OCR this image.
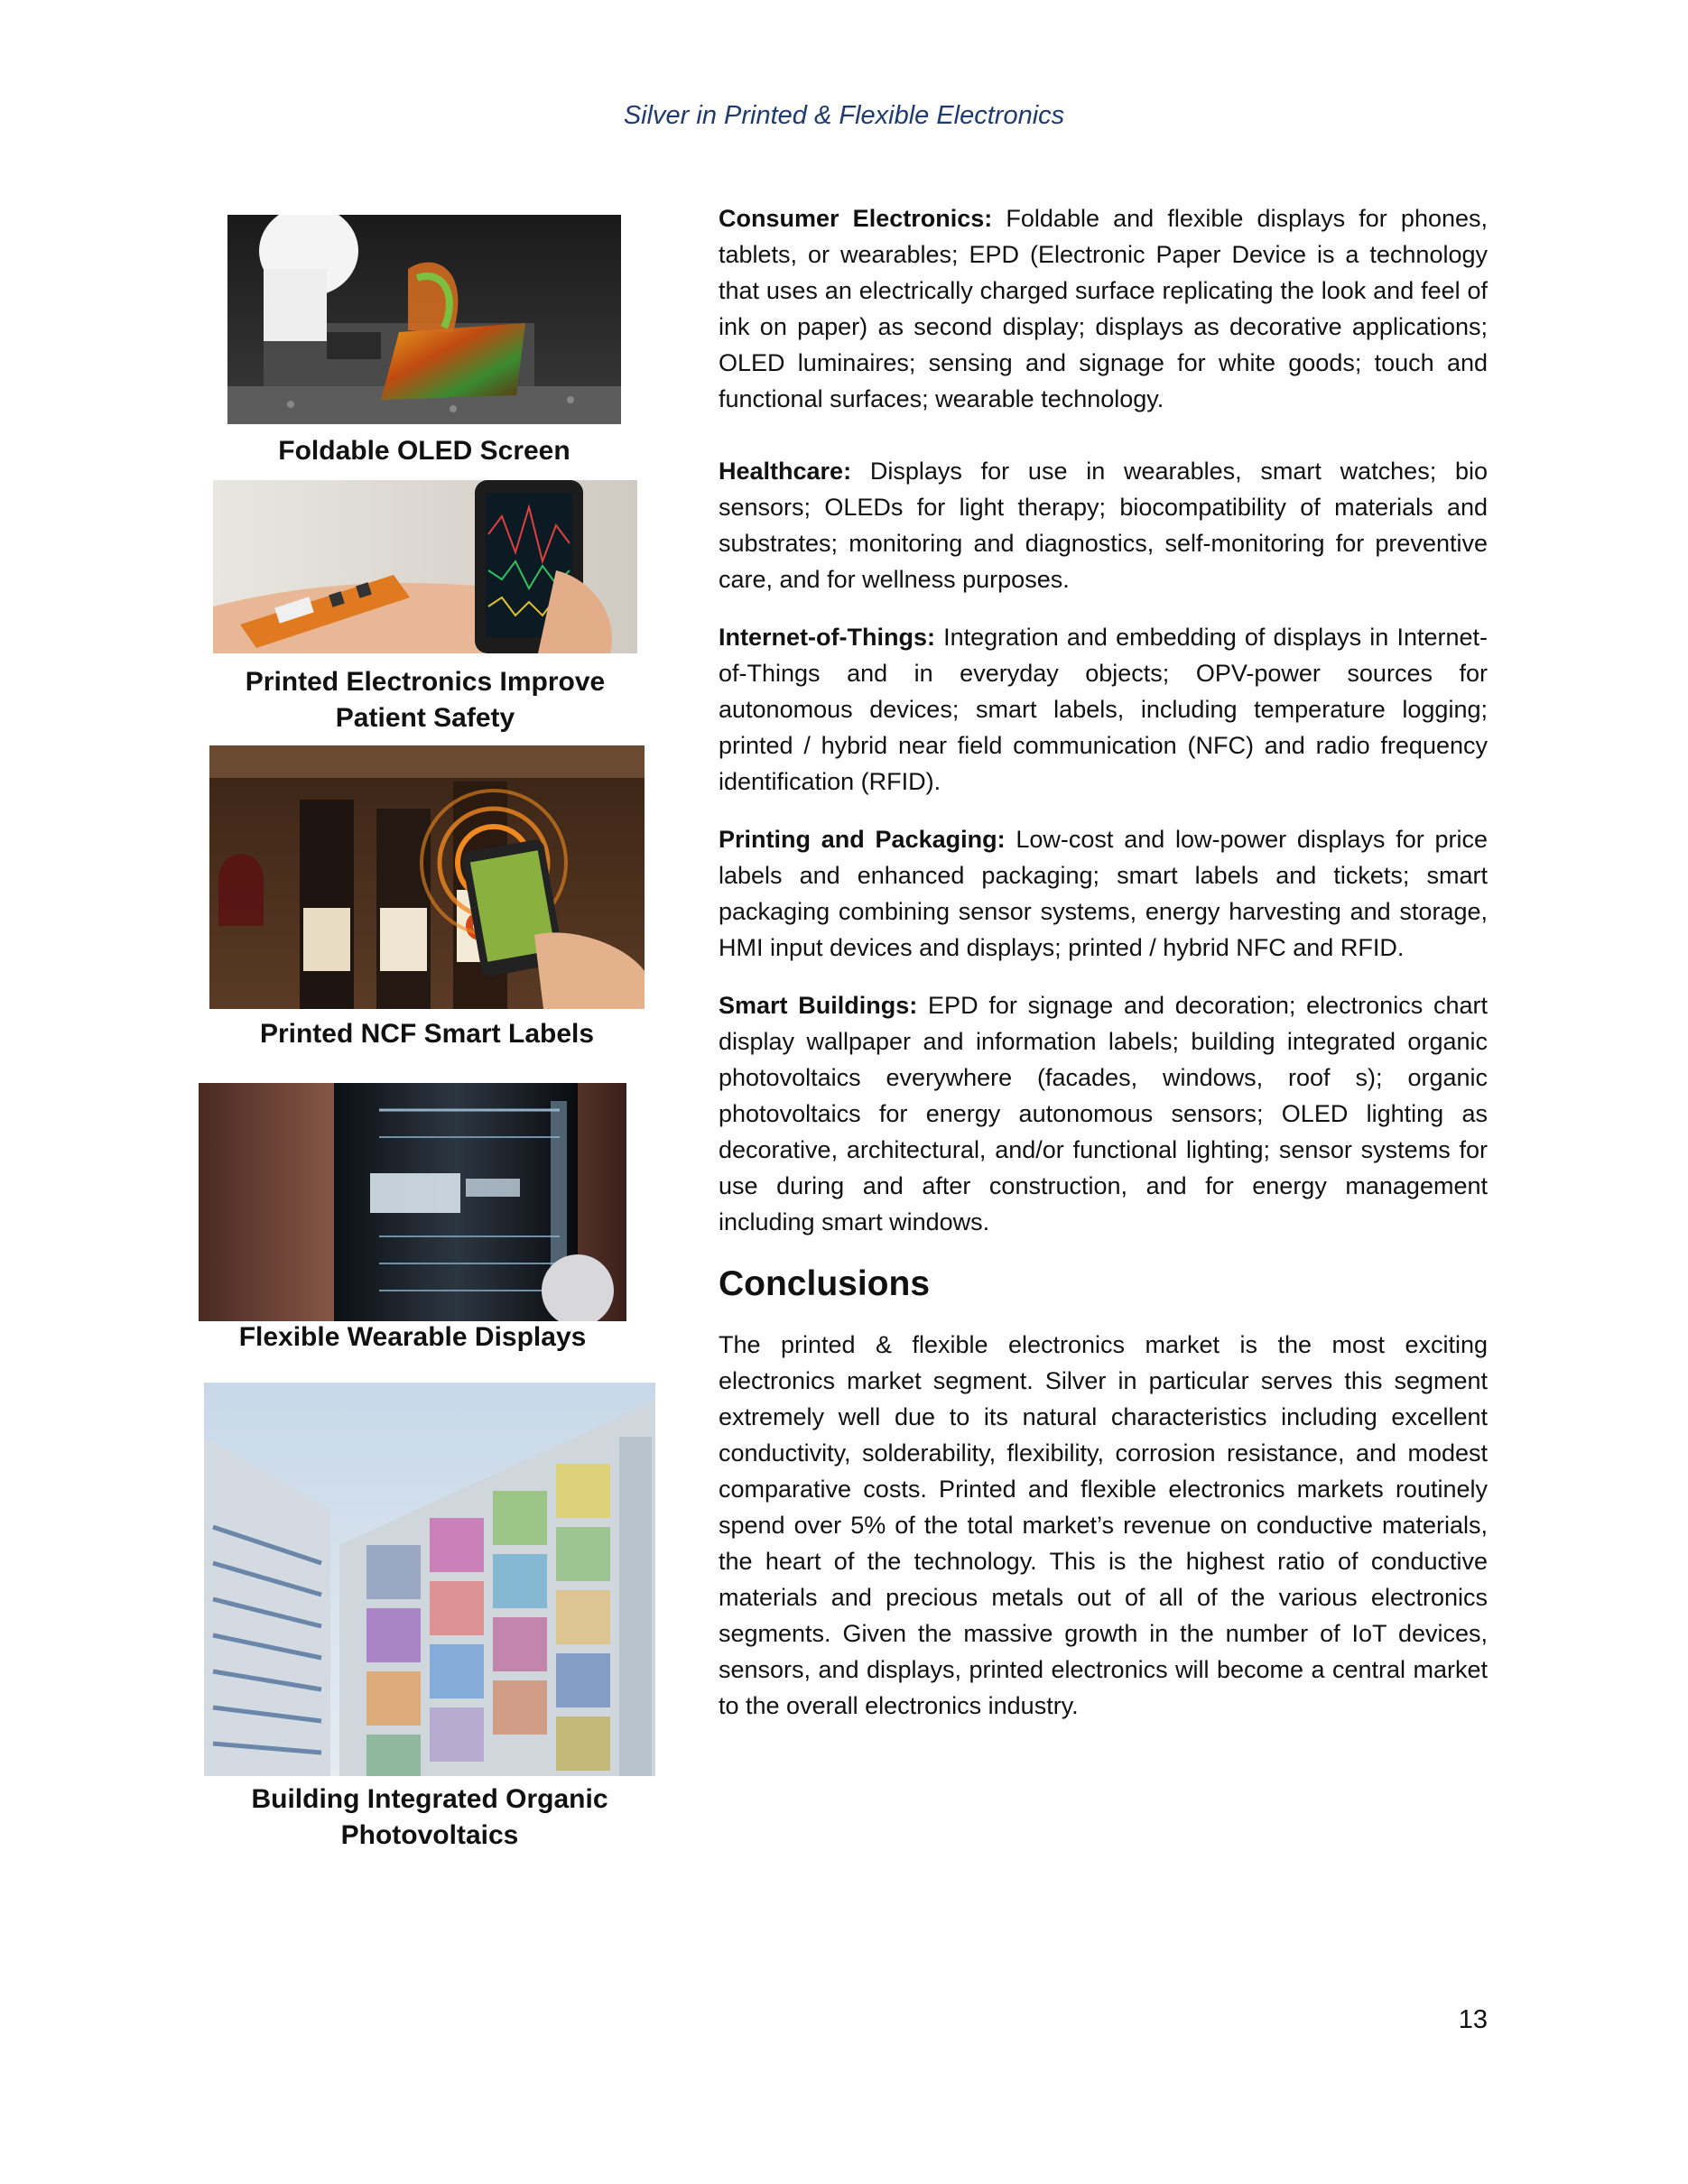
Silver in Printed & Flexible Electronics
Foldable OLED Screen
Printed Electronics Improve Patient Safety
Printed NCF Smart Labels
Flexible Wearable Displays
Building Integrated Organic Photovoltaics

Consumer Electronics: Foldable and flexible displays for phones, tablets, or wearables; EPD (Electronic Paper Device is a technology that uses an electrically charged surface replicating the look and feel of ink on paper) as second display; displays as decorative applications; OLED luminaires; sensing and signage for white goods; touch and functional surfaces; wearable technology.

Healthcare: Displays for use in wearables, smart watches; bio sensors; OLEDs for light therapy; biocompatibility of materials and substrates; monitoring and diagnostics, self-monitoring for preventive care, and for wellness purposes.

Internet-of-Things: Integration and embedding of displays in Internet-of-Things and in everyday objects; OPV-power sources for autonomous devices; smart labels, including temperature logging; printed / hybrid near field communication (NFC) and radio frequency identification (RFID).

Printing and Packaging: Low-cost and low-power displays for price labels and enhanced packaging; smart labels and tickets; smart packaging combining sensor systems, energy harvesting and storage, HMI input devices and displays; printed / hybrid NFC and RFID.

Smart Buildings: EPD for signage and decoration; electronics chart display wallpaper and information labels; building integrated organic photovoltaics everywhere (facades, windows, roof s); organic photovoltaics for energy autonomous sensors; OLED lighting as decorative, architectural, and/or functional lighting; sensor systems for use during and after construction, and for energy management including smart windows.

Conclusions

The printed & flexible electronics market is the most exciting electronics market segment. Silver in particular serves this segment extremely well due to its natural characteristics including excellent conductivity, solderability, flexibility, corrosion resistance, and modest comparative costs. Printed and flexible electronics markets routinely spend over 5% of the total market’s revenue on conductive materials, the heart of the technology. This is the highest ratio of conductive materials and precious metals out of all of the various electronics segments. Given the massive growth in the number of IoT devices, sensors, and displays, printed electronics will become a central market to the overall electronics industry.

13
